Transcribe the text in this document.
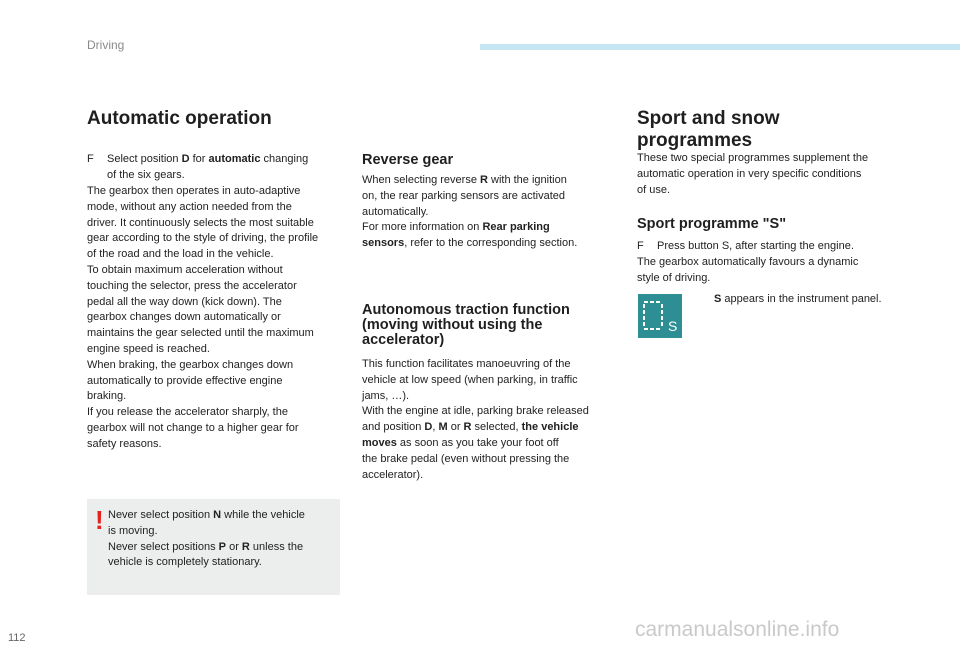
Driving
Automatic operation
F Select position D for automatic changing
of the six gears.
The gearbox then operates in auto-adaptive
mode, without any action needed from the
driver. It continuously selects the most suitable
gear according to the style of driving, the profile
of the road and the load in the vehicle.
To obtain maximum acceleration without
touching the selector, press the accelerator
pedal all the way down (kick down). The
gearbox changes down automatically or
maintains the gear selected until the maximum
engine speed is reached.
When braking, the gearbox changes down
automatically to provide effective engine
braking.
If you release the accelerator sharply, the
gearbox will not change to a higher gear for
safety reasons.
! Never select position N while the vehicle
is moving.
Never select positions P or R unless the
vehicle is completely stationary.
Reverse gear
When selecting reverse R with the ignition
on, the rear parking sensors are activated
automatically.
For more information on Rear parking
sensors, refer to the corresponding section.
Autonomous traction function
(moving without using the
accelerator)
This function facilitates manoeuvring of the
vehicle at low speed (when parking, in traffic
jams, …).
With the engine at idle, parking brake released
and position D, M or R selected, the vehicle
moves as soon as you take your foot off
the brake pedal (even without pressing the
accelerator).
Sport and snow
programmes
These two special programmes supplement the
automatic operation in very specific conditions
of use.
Sport programme "S"
F Press button S, after starting the engine.
The gearbox automatically favours a dynamic
style of driving.
S
S appears in the instrument panel.
112	carmanualsonline.info
